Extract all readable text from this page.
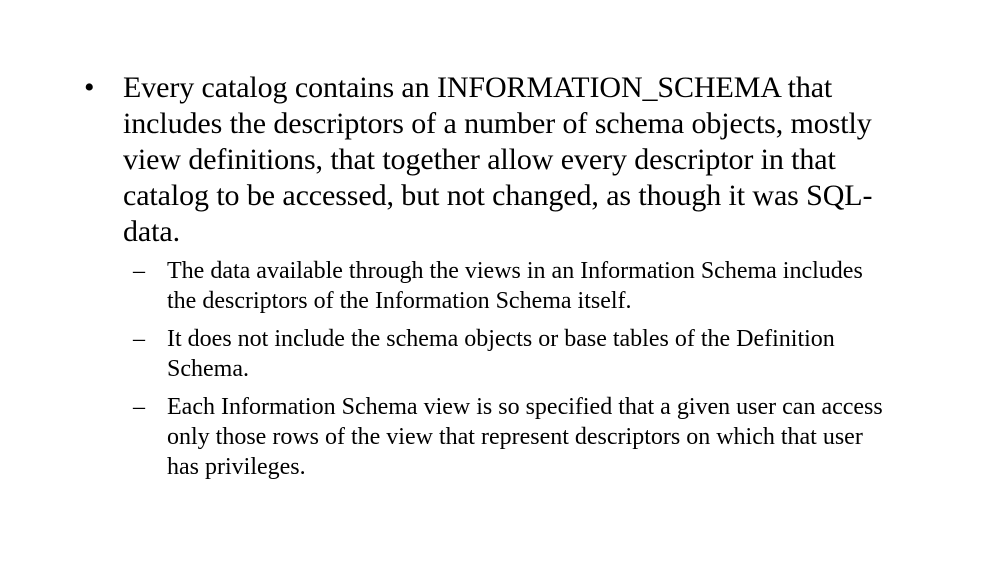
• Every catalog contains an INFORMATION_SCHEMA that includes the descriptors of a number of schema objects, mostly view definitions, that together allow every descriptor in that catalog to be accessed, but not changed, as though it was SQL-data.
– The data available through the views in an Information Schema includes the descriptors of the Information Schema itself.
– It does not include the schema objects or base tables of the Definition Schema.
– Each Information Schema view is so specified that a given user can access only those rows of the view that represent descriptors on which that user has privileges.
